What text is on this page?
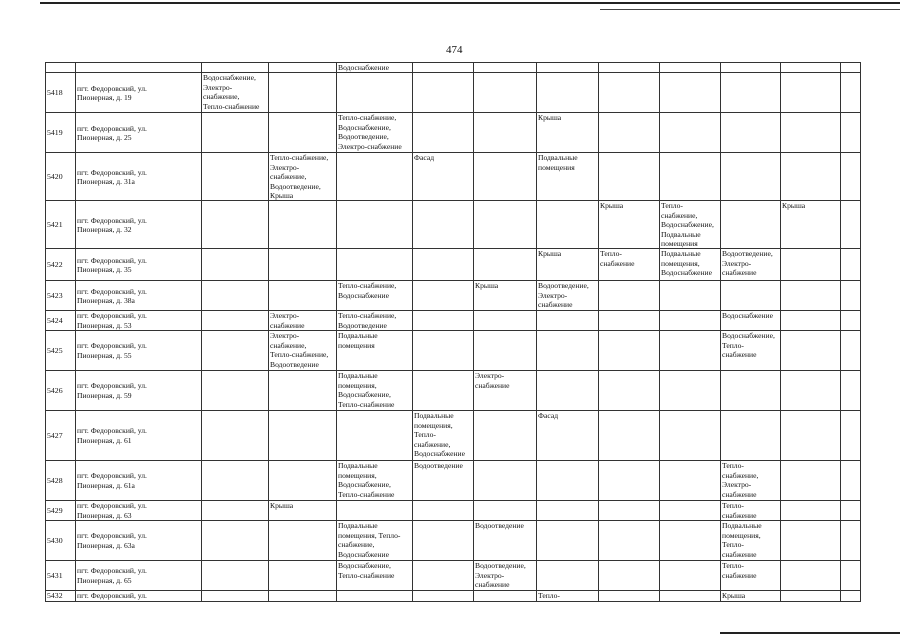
474
				Водоснабжение								
5418	пгт. Федоровский, ул.
Пионерная, д. 19	Водоснабжение,
Электро-
снабжение,
Тепло-снабжение										
5419	пгт. Федоровский, ул.
Пионерная, д. 25			Тепло-снабжение,
Водоснабжение,
Водоотведение,
Электро-снабжение			Крыша					
5420	пгт. Федоровский, ул.
Пионерная, д. 31а		Тепло-снабжение,
Электро-
снабжение,
Водоотведение,
Крыша		Фасад		Подвальные
помещения					
5421	пгт. Федоровский, ул.
Пионерная, д. 32							Крыша	Тепло-
снабжение,
Водоснабжение,
Подвальные
помещения		Крыша	
5422	пгт. Федоровский, ул.
Пионерная, д. 35						Крыша	Тепло-
снабжение	Подвальные
помещения,
Водоснабжение	Водоотведение,
Электро-
снабжение		
5423	пгт. Федоровский, ул.
Пионерная, д. 38а			Тепло-снабжение,
Водоснабжение		Крыша	Водоотведение,
Электро-
снабжение					
5424	пгт. Федоровский, ул.
Пионерная, д. 53		Электро-
снабжение	Тепло-снабжение,
Водоотведение						Водоснабжение		
5425	пгт. Федоровский, ул.
Пионерная, д. 55		Электро-
снабжение,
Тепло-снабжение,
Водоотведение	Подвальные
помещения						Водоснабжение,
Тепло-
снабжение		
5426	пгт. Федоровский, ул.
Пионерная, д. 59			Подвальные
помещения,
Водоснабжение,
Тепло-снабжение		Электро-
снабжение						
5427	пгт. Федоровский, ул.
Пионерная, д. 61				Подвальные
помещения,
Тепло-
снабжение,
Водоснабжение		Фасад					
5428	пгт. Федоровский, ул.
Пионерная, д. 61а			Подвальные
помещения,
Водоснабжение,
Тепло-снабжение	Водоотведение					Тепло-
снабжение,
Электро-
снабжение		
5429	пгт. Федоровский, ул.
Пионерная, д. 63		Крыша							Тепло-
снабжение		
5430	пгт. Федоровский, ул.
Пионерная, д. 63а			Подвальные
помещения, Тепло-
снабжение,
Водоснабжение		Водоотведение				Подвальные
помещения,
Тепло-
снабжение		
5431	пгт. Федоровский, ул.
Пионерная, д. 65			Водоснабжение,
Тепло-снабжение		Водоотведение,
Электро-
снабжение				Тепло-
снабжение		
5432	пгт. Федоровский, ул.						Тепло-			Крыша		
